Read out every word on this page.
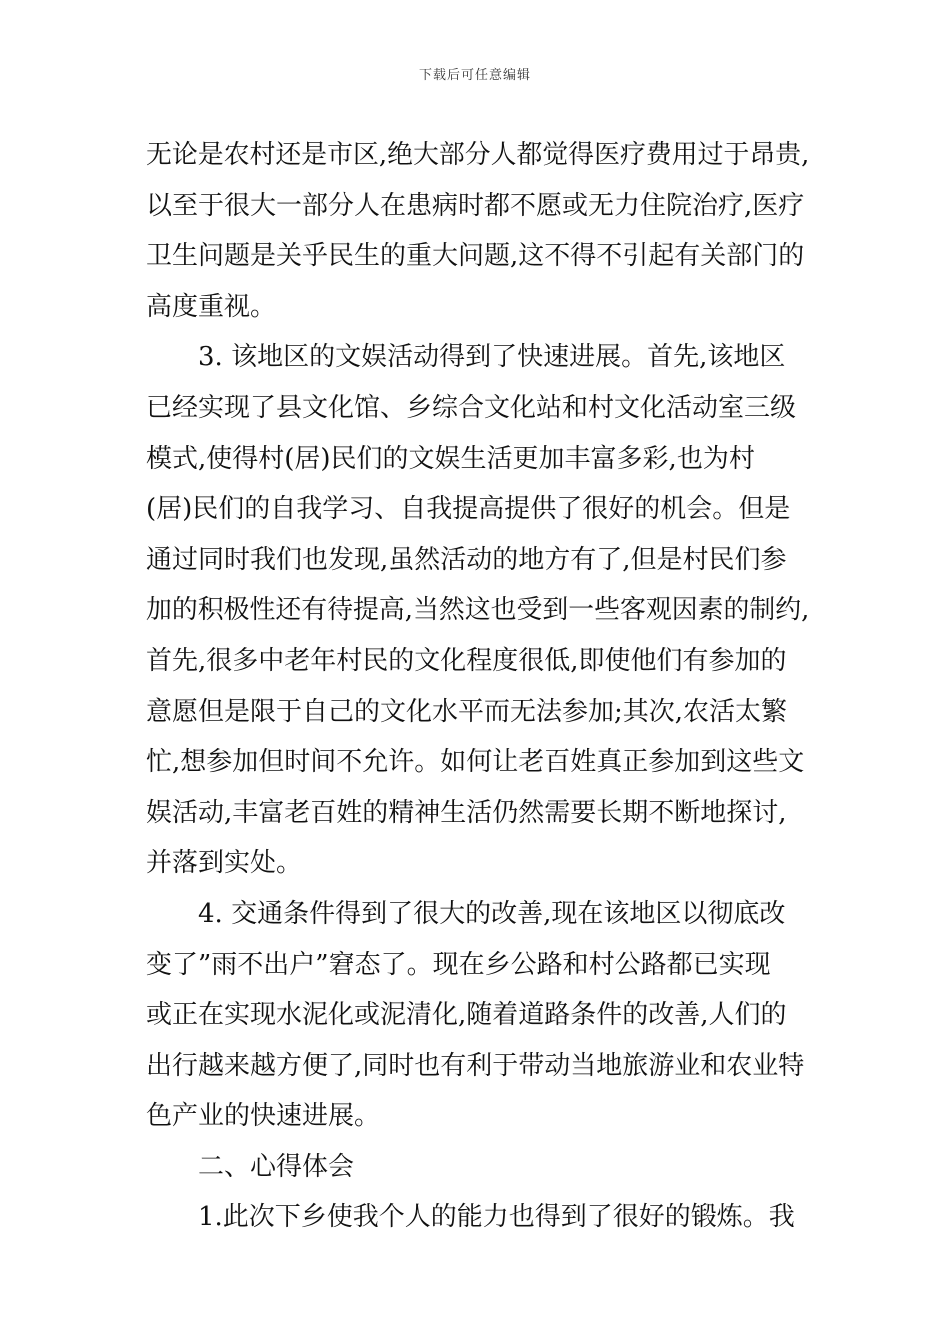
下载后可任意编辑
无论是农村还是市区,绝大部分人都觉得医疗费用过于昂贵,
以至于很大一部分人在患病时都不愿或无力住院治疗,医疗
卫生问题是关乎民生的重大问题,这不得不引起有关部门的
高度重视。
3. 该地区的文娱活动得到了快速进展。首先,该地区
已经实现了县文化馆、乡综合文化站和村文化活动室三级
模式,使得村(居)民们的文娱生活更加丰富多彩,也为村
(居)民们的自我学习、自我提高提供了很好的机会。但是
通过同时我们也发现,虽然活动的地方有了,但是村民们参
加的积极性还有待提高,当然这也受到一些客观因素的制约,
首先,很多中老年村民的文化程度很低,即使他们有参加的
意愿但是限于自己的文化水平而无法参加;其次,农活太繁
忙,想参加但时间不允许。如何让老百姓真正参加到这些文
娱活动,丰富老百姓的精神生活仍然需要长期不断地探讨,
并落到实处。
4. 交通条件得到了很大的改善,现在该地区以彻底改
变了”雨不出户”窘态了。现在乡公路和村公路都已实现
或正在实现水泥化或泥清化,随着道路条件的改善,人们的
出行越来越方便了,同时也有利于带动当地旅游业和农业特
色产业的快速进展。
二、心得体会
1.此次下乡使我个人的能力也得到了很好的锻炼。我
